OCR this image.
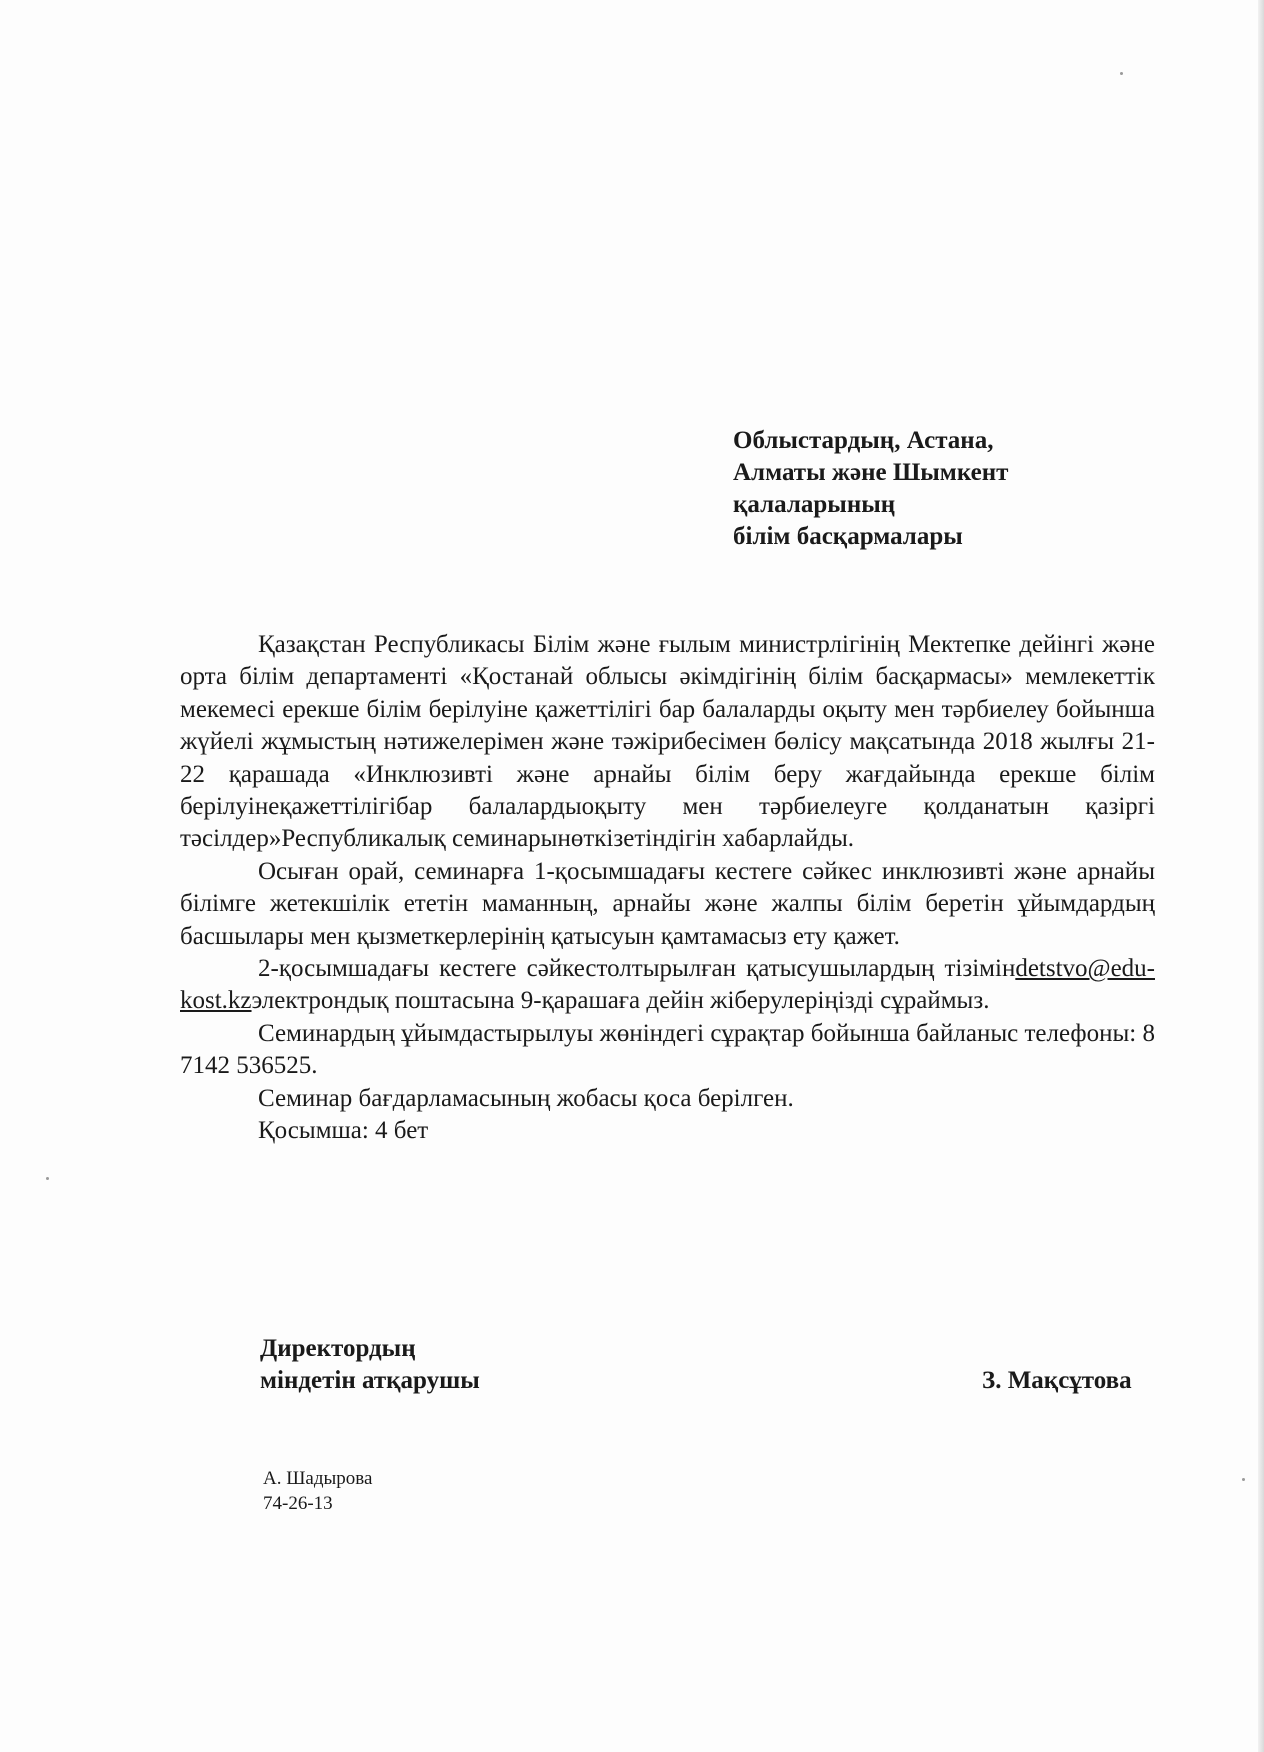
Облыстардың, Астана,
Алматы және Шымкент
қалаларының
білім басқармалары

Қазақстан Республикасы Білім және ғылым министрлігінің Мектепке дейінгі және орта білім департаменті «Қостанай облысы әкімдігінің білім басқармасы» мемлекеттік мекемесі ерекше білім берілуіне қажеттілігі бар балаларды оқыту мен тәрбиелеу бойынша жүйелі жұмыстың нәтижелерімен және тәжірибесімен бөлісу мақсатында 2018 жылғы 21-22 қарашада «Инклюзивті және арнайы білім беру жағдайында ерекше білім берілуінеқажеттілігібар балалардыоқыту мен тәрбиелеуге қолданатын қазіргі тәсілдер»Республикалық семинарынөткізетіндігін хабарлайды.

Осыған орай, семинарға 1-қосымшадағы кестеге сәйкес инклюзивті және арнайы білімге жетекшілік ететін маманның, арнайы және жалпы білім беретін ұйымдардың басшылары мен қызметкерлерінің қатысуын қамтамасыз ету қажет.

2-қосымшадағы кестеге сәйкестолтырылған қатысушылардың тізімінdetstvo@edu-kost.kzэлектрондық поштасына 9-қарашаға дейін жіберулеріңізді сұраймыз.

Семинардың ұйымдастырылуы жөніндегі сұрақтар бойынша байланыс телефоны: 8 7142 536525.

Семинар бағдарламасының жобасы қоса берілген.

Қосымша: 4 бет

Директордың
міндетін атқарушы	З. Мақсұтова
А. Шадырова
74-26-13
